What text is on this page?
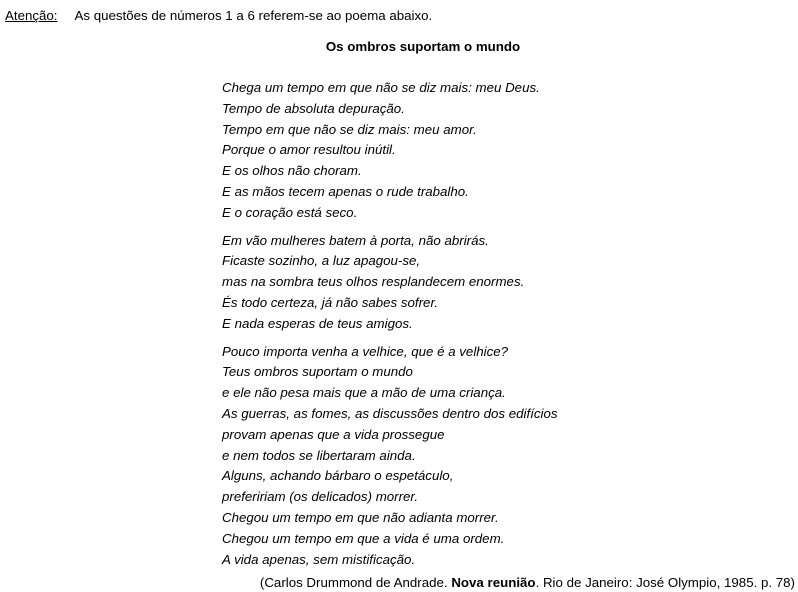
Atenção: As questões de números 1 a 6 referem-se ao poema abaixo.
Os ombros suportam o mundo
Chega um tempo em que não se diz mais: meu Deus.
Tempo de absoluta depuração.
Tempo em que não se diz mais: meu amor.
Porque o amor resultou inútil.
E os olhos não choram.
E as mãos tecem apenas o rude trabalho.
E o coração está seco.
Em vão mulheres batem à porta, não abrirás.
Ficaste sozinho, a luz apagou-se,
mas na sombra teus olhos resplandecem enormes.
És todo certeza, já não sabes sofrer.
E nada esperas de teus amigos.
Pouco importa venha a velhice, que é a velhice?
Teus ombros suportam o mundo
e ele não pesa mais que a mão de uma criança.
As guerras, as fomes, as discussões dentro dos edifícios
provam apenas que a vida prossegue
e nem todos se libertaram ainda.
Alguns, achando bárbaro o espetáculo,
prefeririam (os delicados) morrer.
Chegou um tempo em que não adianta morrer.
Chegou um tempo em que a vida é uma ordem.
A vida apenas, sem mistificação.
(Carlos Drummond de Andrade. Nova reunião. Rio de Janeiro: José Olympio, 1985. p. 78)
